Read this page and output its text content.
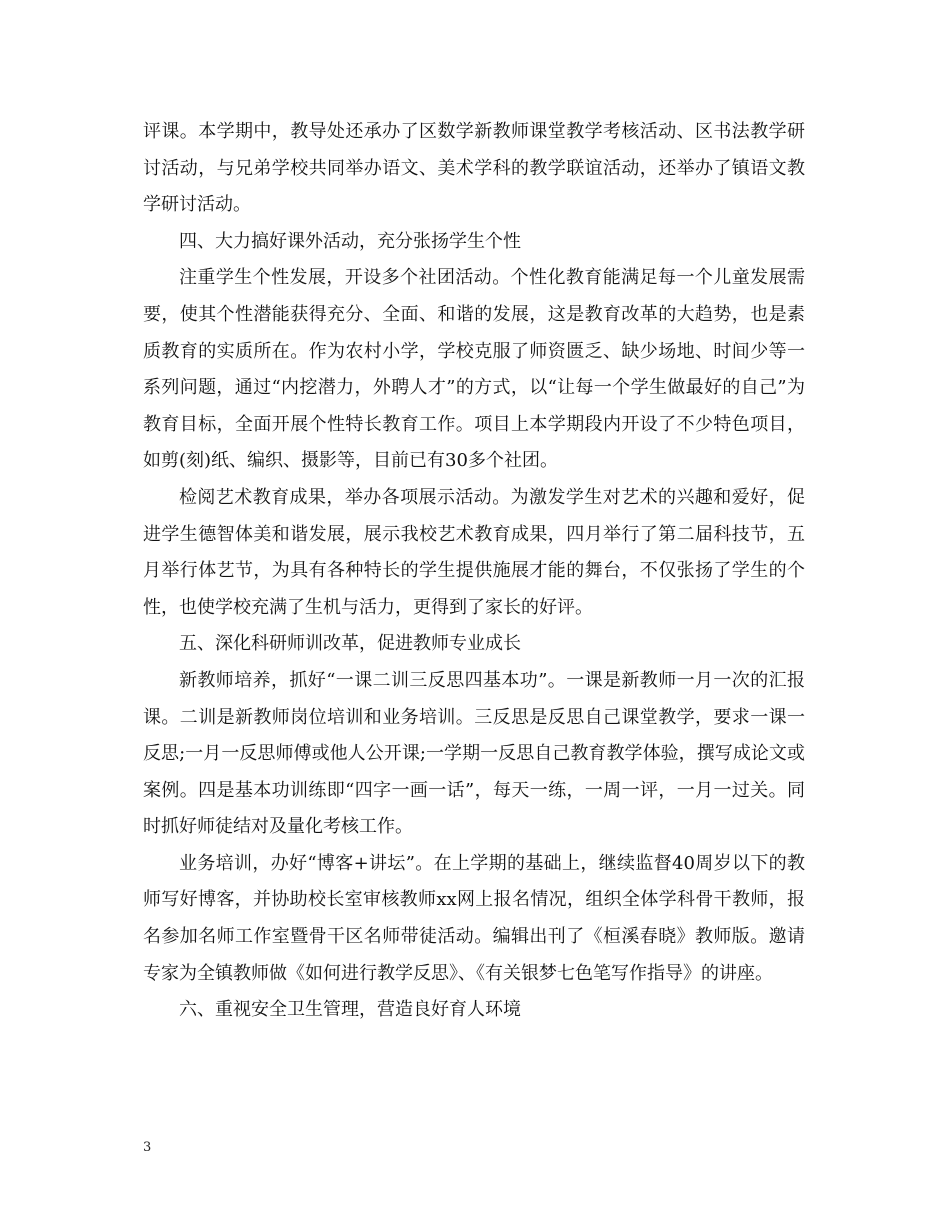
评课。本学期中，教导处还承办了区数学新教师课堂教学考核活动、区书法教学研讨活动，与兄弟学校共同举办语文、美术学科的教学联谊活动，还举办了镇语文教学研讨活动。

四、大力搞好课外活动，充分张扬学生个性

注重学生个性发展，开设多个社团活动。个性化教育能满足每一个儿童发展需要，使其个性潜能获得充分、全面、和谐的发展，这是教育改革的大趋势，也是素质教育的实质所在。作为农村小学，学校克服了师资匮乏、缺少场地、时间少等一系列问题，通过“内挖潜力，外聘人才”的方式，以“让每一个学生做最好的自己”为教育目标，全面开展个性特长教育工作。项目上本学期段内开设了不少特色项目，如剪(刻)纸、编织、摄影等，目前已有30多个社团。

检阅艺术教育成果，举办各项展示活动。为激发学生对艺术的兴趣和爱好，促进学生德智体美和谐发展，展示我校艺术教育成果，四月举行了第二届科技节，五月举行体艺节，为具有各种特长的学生提供施展才能的舞台，不仅张扬了学生的个性，也使学校充满了生机与活力，更得到了家长的好评。

五、深化科研师训改革，促进教师专业成长

新教师培养，抓好“一课二训三反思四基本功”。一课是新教师一月一次的汇报课。二训是新教师岗位培训和业务培训。三反思是反思自己课堂教学，要求一课一反思;一月一反思师傅或他人公开课;一学期一反思自己教育教学体验，撰写成论文或案例。四是基本功训练即“四字一画一话”，每天一练，一周一评，一月一过关。同时抓好师徒结对及量化考核工作。

业务培训，办好“博客+讲坛”。在上学期的基础上，继续监督40周岁以下的教师写好博客，并协助校长室审核教师xx网上报名情况，组织全体学科骨干教师，报名参加名师工作室暨骨干区名师带徒活动。编辑出刊了《桓溪春晓》教师版。邀请专家为全镇教师做《如何进行教学反思》、《有关银梦七色笔写作指导》的讲座。

六、重视安全卫生管理，营造良好育人环境

3
